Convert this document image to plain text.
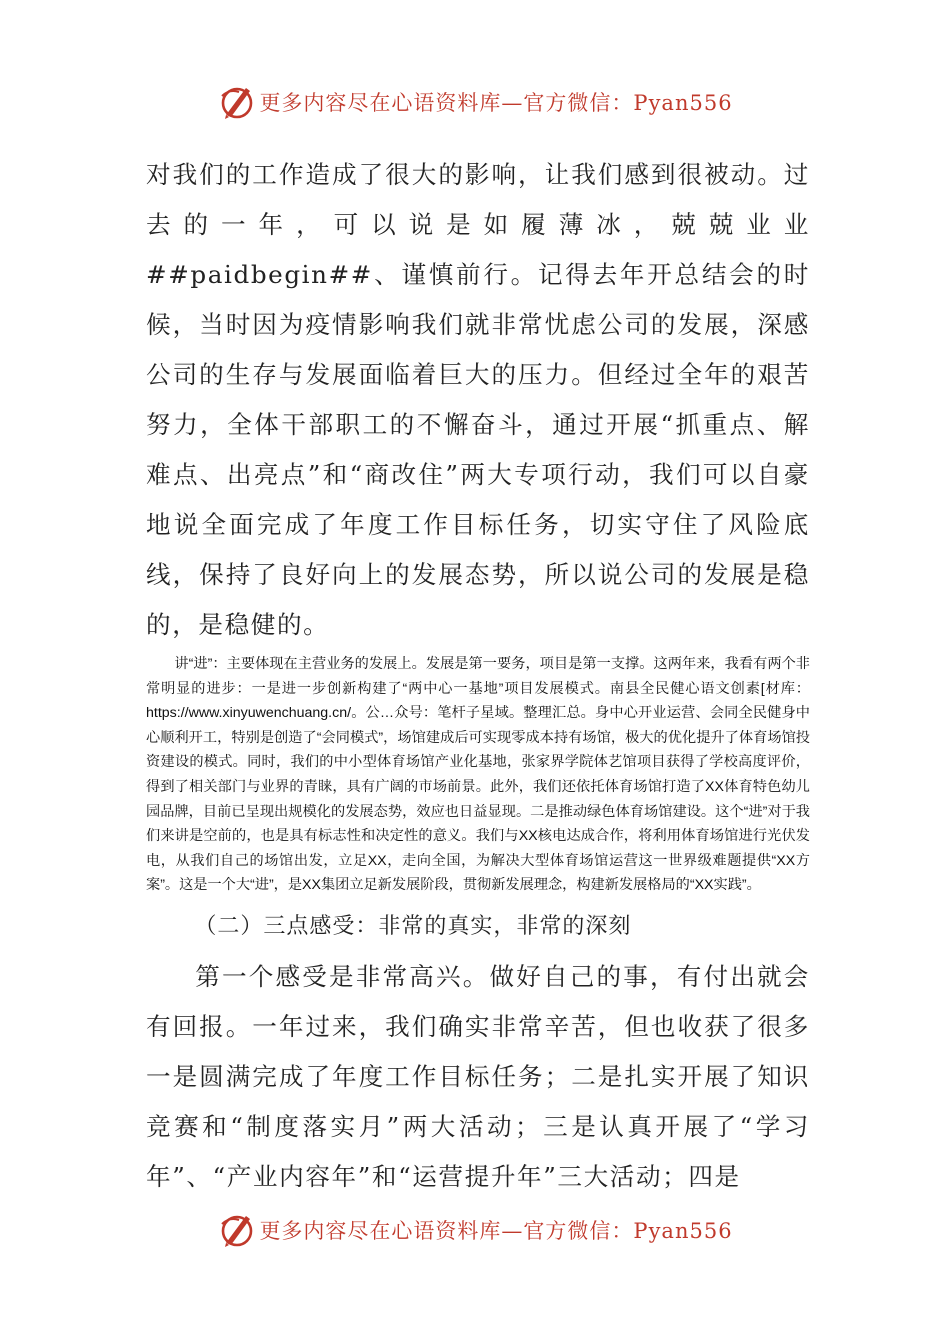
更多内容尽在心语资料库—官方微信：Pyan556

对我们的工作造成了很大的影响，让我们感到很被动。过去的一年，可以说是如履薄冰，兢兢业业##paidbegin##、谨慎前行。记得去年开总结会的时候，当时因为疫情影响我们就非常忧虑公司的发展，深感公司的生存与发展面临着巨大的压力。但经过全年的艰苦努力，全体干部职工的不懈奋斗，通过开展“抓重点、解难点、出亮点”和“商改住”两大专项行动，我们可以自豪地说全面完成了年度工作目标任务，切实守住了风险底线，保持了良好向上的发展态势，所以说公司的发展是稳的，是稳健的。

讲“进”：主要体现在主营业务的发展上。发展是第一要务，项目是第一支撑。这两年来，我看有两个非常明显的进步：一是进一步创新构建了“两中心一基地”项目发展模式。南县全民健心语文创素[材库：https://www.xinyuwenchuang.cn/。公…众号：笔杆子星域。整理汇总。身中心开业运营、会同全民健身中心顺利开工，特别是创造了“会同模式”，场馆建成后可实现零成本持有场馆，极大的优化提升了体育场馆投资建设的模式。同时，我们的中小型体育场馆产业化基地，张家界学院体艺馆项目获得了学校高度评价，得到了相关部门与业界的青睐，具有广阔的市场前景。此外，我们还依托体育场馆打造了XX体育特色幼儿园品牌，目前已呈现出规模化的发展态势，效应也日益显现。二是推动绿色体育场馆建设。这个“进”对于我们来讲是空前的，也是具有标志性和决定性的意义。我们与XX核电达成合作，将利用体育场馆进行光伏发电，从我们自己的场馆出发，立足XX，走向全国，为解决大型体育场馆运营这一世界级难题提供“XX方案”。这是一个大“进”，是XX集团立足新发展阶段，贯彻新发展理念，构建新发展格局的“XX实践”。

（二）三点感受：非常的真实，非常的深刻

第一个感受是非常高兴。做好自己的事，有付出就会有回报。一年过来，我们确实非常辛苦，但也收获了很多一是圆满完成了年度工作目标任务；二是扎实开展了知识竞赛和“制度落实月”两大活动；三是认真开展了“学习年”、“产业内容年”和“运营提升年”三大活动；四是

更多内容尽在心语资料库—官方微信：Pyan556
